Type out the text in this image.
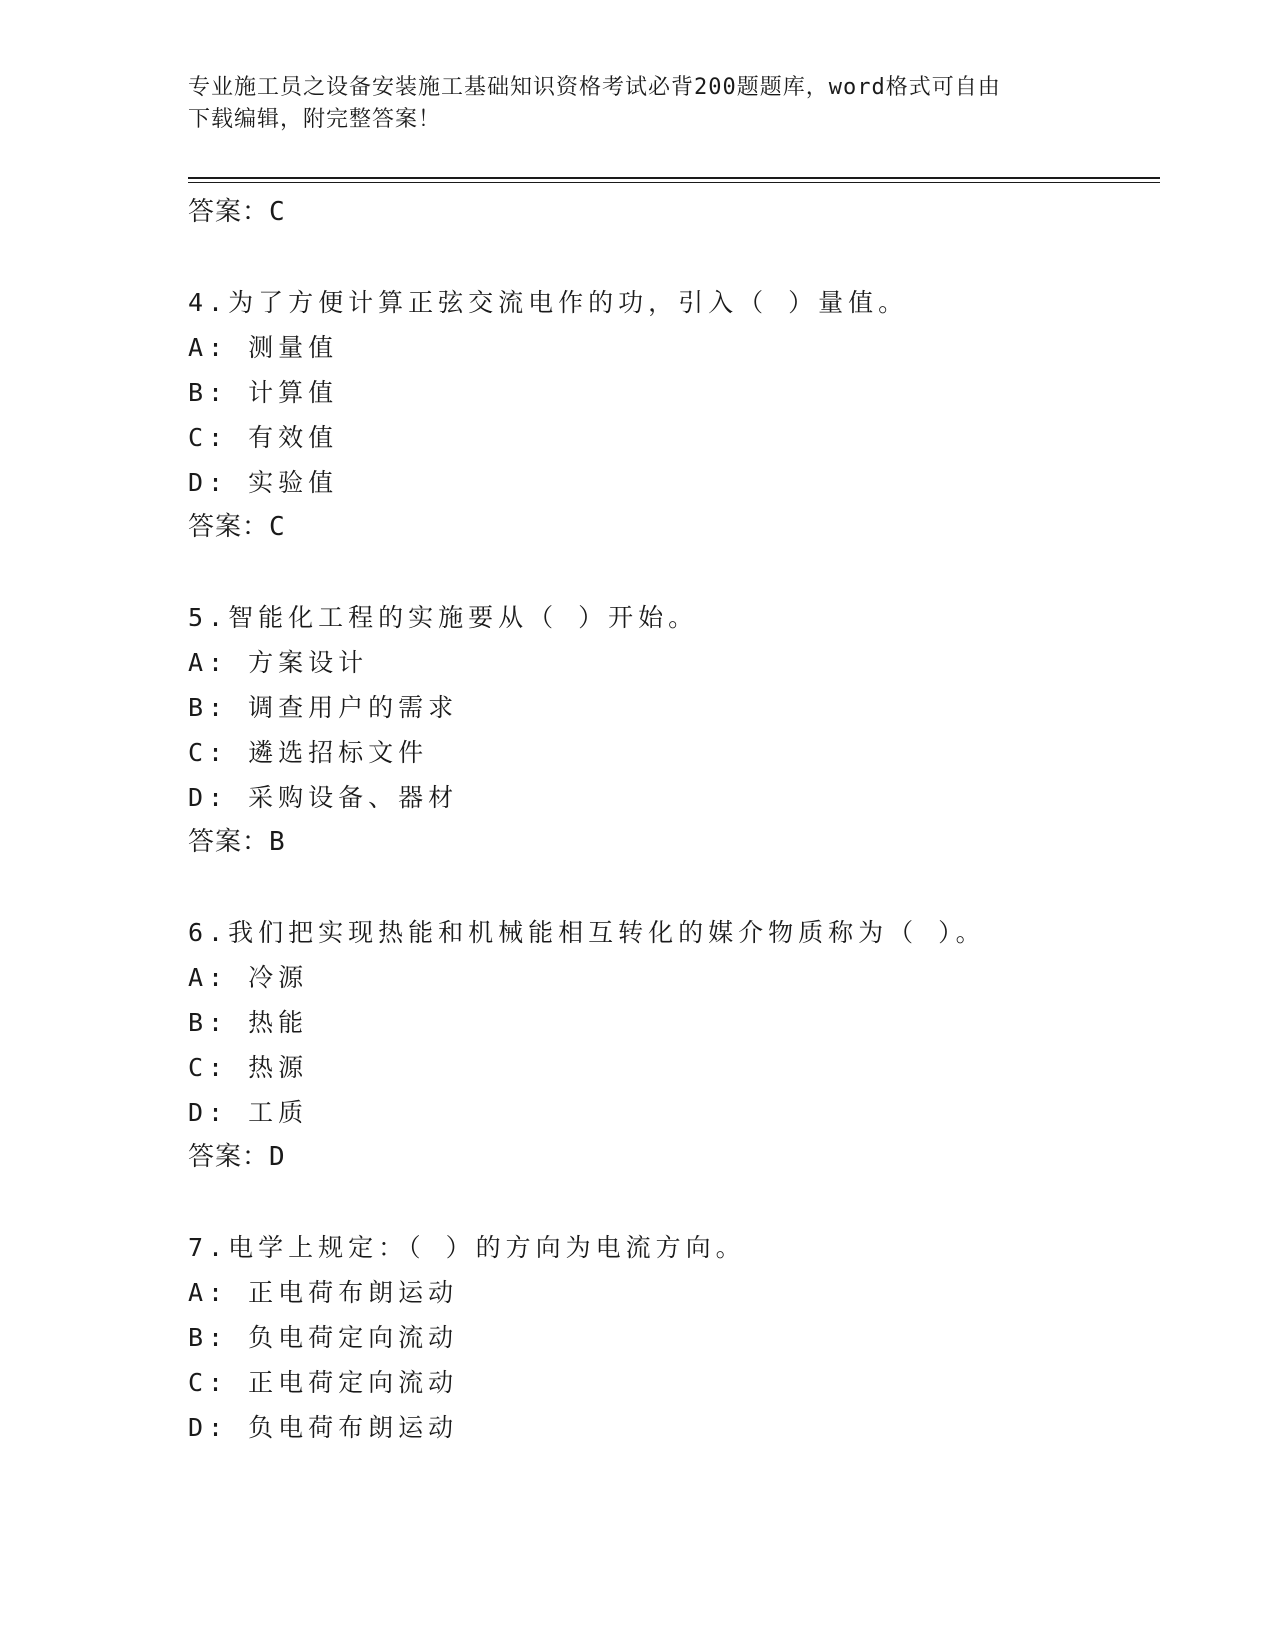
专业施工员之设备安装施工基础知识资格考试必背200题题库，word格式可自由
下载编辑，附完整答案！
答案：C
4.为了方便计算正弦交流电作的功，引入（ ）量值。
A: 测量值
B: 计算值
C: 有效值
D: 实验值
答案：C
5.智能化工程的实施要从（ ）开始。
A: 方案设计
B: 调查用户的需求
C: 遴选招标文件
D: 采购设备、器材
答案：B
6.我们把实现热能和机械能相互转化的媒介物质称为（ ）。
A: 冷源
B: 热能
C: 热源
D: 工质
答案：D
7.电学上规定：（ ）的方向为电流方向。
A: 正电荷布朗运动
B: 负电荷定向流动
C: 正电荷定向流动
D: 负电荷布朗运动
